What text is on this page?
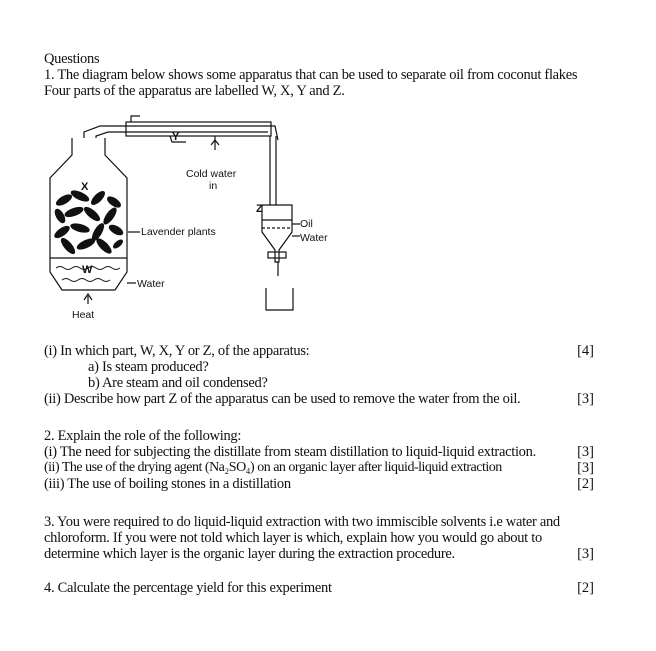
Questions
1. The diagram below shows some apparatus that can be used to separate oil from coconut flakes
Four parts of the apparatus are labelled W, X, Y and Z.
X
Y
Z
W
Cold water
in
Lavender plants
Water
Heat
Oil
Water
(i) In which part, W, X, Y or Z, of the apparatus:	[4]
a) Is steam produced?
b) Are steam and oil condensed?
(ii) Describe how part Z of the apparatus can be used to remove the water from the oil.	[3]
2. Explain the role of the following:
(i) The need for subjecting the distillate from steam distillation to liquid-liquid extraction.	[3]
(ii) The use of the drying agent (Na₂SO₄) on an organic layer after liquid-liquid extraction	[3]
(iii) The use of boiling stones in a distillation	[2]
3. You were required to do liquid-liquid extraction with two immiscible solvents i.e water and
chloroform. If you were not told which layer is which, explain how you would go about to
determine which layer is the organic layer during the extraction procedure.	[3]
4. Calculate the percentage yield for this experiment	[2]
